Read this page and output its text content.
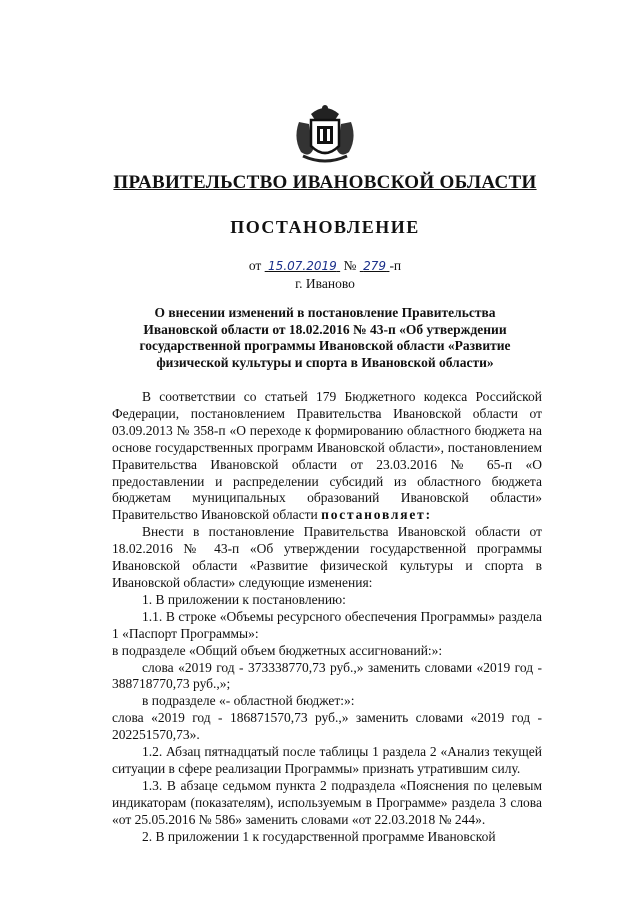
ПРАВИТЕЛЬСТВО ИВАНОВСКОЙ ОБЛАСТИ
ПОСТАНОВЛЕНИЕ
от 15.07.2019 № 279 -п
г. Иваново
О внесении изменений в постановление Правительства Ивановской области от 18.02.2016 № 43-п «Об утверждении государственной программы Ивановской области «Развитие физической культуры и спорта в Ивановской области»

В соответствии со статьей 179 Бюджетного кодекса Российской Федерации, постановлением Правительства Ивановской области от 03.09.2013 № 358-п «О переходе к формированию областного бюджета на основе государственных программ Ивановской области», постановлением Правительства Ивановской области от 23.03.2016 № 65-п «О предоставлении и распределении субсидий из областного бюджета бюджетам муниципальных образований Ивановской области» Правительство Ивановской области постановляет:

Внести в постановление Правительства Ивановской области от 18.02.2016 № 43-п «Об утверждении государственной программы Ивановской области «Развитие физической культуры и спорта в Ивановской области» следующие изменения:

1. В приложении к постановлению:

1.1. В строке «Объемы ресурсного обеспечения Программы» раздела 1 «Паспорт Программы»:

в подразделе «Общий объем бюджетных ассигнований:»:

слова «2019 год - 373338770,73 руб.,» заменить словами «2019 год - 388718770,73 руб.,»;

в подразделе «- областной бюджет:»:

слова «2019 год - 186871570,73 руб.,» заменить словами «2019 год - 202251570,73».

1.2. Абзац пятнадцатый после таблицы 1 раздела 2 «Анализ текущей ситуации в сфере реализации Программы» признать утратившим силу.

1.3. В абзаце седьмом пункта 2 подраздела «Пояснения по целевым индикаторам (показателям), используемым в Программе» раздела 3 слова «от 25.05.2016 № 586» заменить словами «от 22.03.2018 № 244».

2. В приложении 1 к государственной программе Ивановской
